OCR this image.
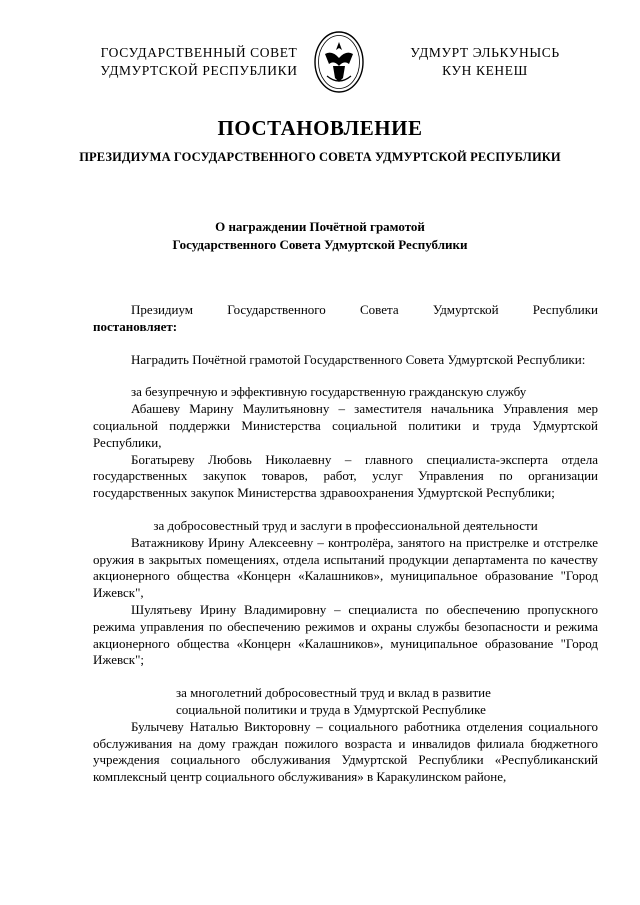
ГОСУДАРСТВЕННЫЙ СОВЕТ
УДМУРТСКОЙ РЕСПУБЛИКИ
УДМУРТ ЭЛЬКУНЫСЬ
КУН КЕНЕШ
ПОСТАНОВЛЕНИЕ
ПРЕЗИДИУМА ГОСУДАРСТВЕННОГО СОВЕТА УДМУРТСКОЙ РЕСПУБЛИКИ
О награждении Почётной грамотой
Государственного Совета Удмуртской Республики
Президиум	Государственного	Совета	Удмуртской	Республики
постановляет:

Наградить Почётной грамотой Государственного Совета Удмуртской Республики:

за безупречную и эффективную государственную гражданскую службу

Абашеву Марину Маулитьяновну – заместителя начальника Управления мер социальной поддержки Министерства социальной политики и труда Удмуртской Республики,

Богатыреву Любовь Николаевну – главного специалиста-эксперта отдела государственных закупок товаров, работ, услуг Управления по организации государственных закупок Министерства здравоохранения Удмуртской Республики;

за добросовестный труд и заслуги в профессиональной деятельности

Ватажникову Ирину Алексеевну – контролёра, занятого на пристрелке и отстрелке оружия в закрытых помещениях, отдела испытаний продукции департамента по качеству акционерного общества «Концерн «Калашников», муниципальное образование "Город Ижевск",

Шулятьеву Ирину Владимировну – специалиста по обеспечению пропускного режима управления по обеспечению режимов и охраны службы безопасности и режима акционерного общества «Концерн «Калашников», муниципальное образование "Город Ижевск";

за многолетний добросовестный труд и вклад в развитие

социальной политики и труда в Удмуртской Республике

Булычеву Наталью Викторовну – социального работника отделения социального обслуживания на дому граждан пожилого возраста и инвалидов филиала бюджетного учреждения социального обслуживания Удмуртской Республики «Республиканский комплексный центр социального обслуживания» в Каракулинском районе,
